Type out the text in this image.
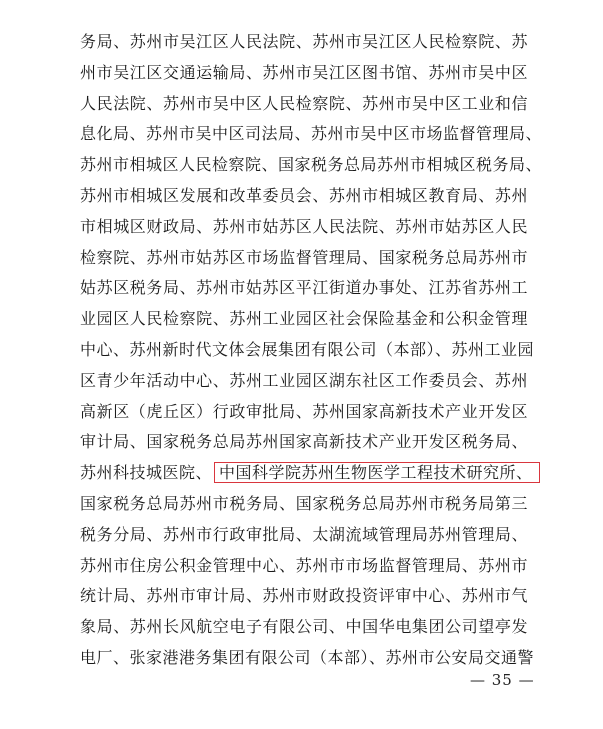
务局、苏州市吴江区人民法院、苏州市吴江区人民检察院、苏
州市吴江区交通运输局、苏州市吴江区图书馆、苏州市吴中区
人民法院、苏州市吴中区人民检察院、苏州市吴中区工业和信
息化局、苏州市吴中区司法局、苏州市吴中区市场监督管理局、
苏州市相城区人民检察院、国家税务总局苏州市相城区税务局、
苏州市相城区发展和改革委员会、苏州市相城区教育局、苏州
市相城区财政局、苏州市姑苏区人民法院、苏州市姑苏区人民
检察院、苏州市姑苏区市场监督管理局、国家税务总局苏州市
姑苏区税务局、苏州市姑苏区平江街道办事处、江苏省苏州工
业园区人民检察院、苏州工业园区社会保险基金和公积金管理
中心、苏州新时代文体会展集团有限公司（本部）、苏州工业园
区青少年活动中心、苏州工业园区湖东社区工作委员会、苏州
高新区（虎丘区）行政审批局、苏州国家高新技术产业开发区
审计局、国家税务总局苏州国家高新技术产业开发区税务局、
苏州科技城医院、 中国科学院苏州生物医学工程技术研究所、
国家税务总局苏州市税务局、国家税务总局苏州市税务局第三
税务分局、苏州市行政审批局、太湖流域管理局苏州管理局、
苏州市住房公积金管理中心、苏州市市场监督管理局、苏州市
统计局、苏州市审计局、苏州市财政投资评审中心、苏州市气
象局、苏州长风航空电子有限公司、中国华电集团公司望亭发
电厂、张家港港务集团有限公司（本部）、苏州市公安局交通警
— 35 —
